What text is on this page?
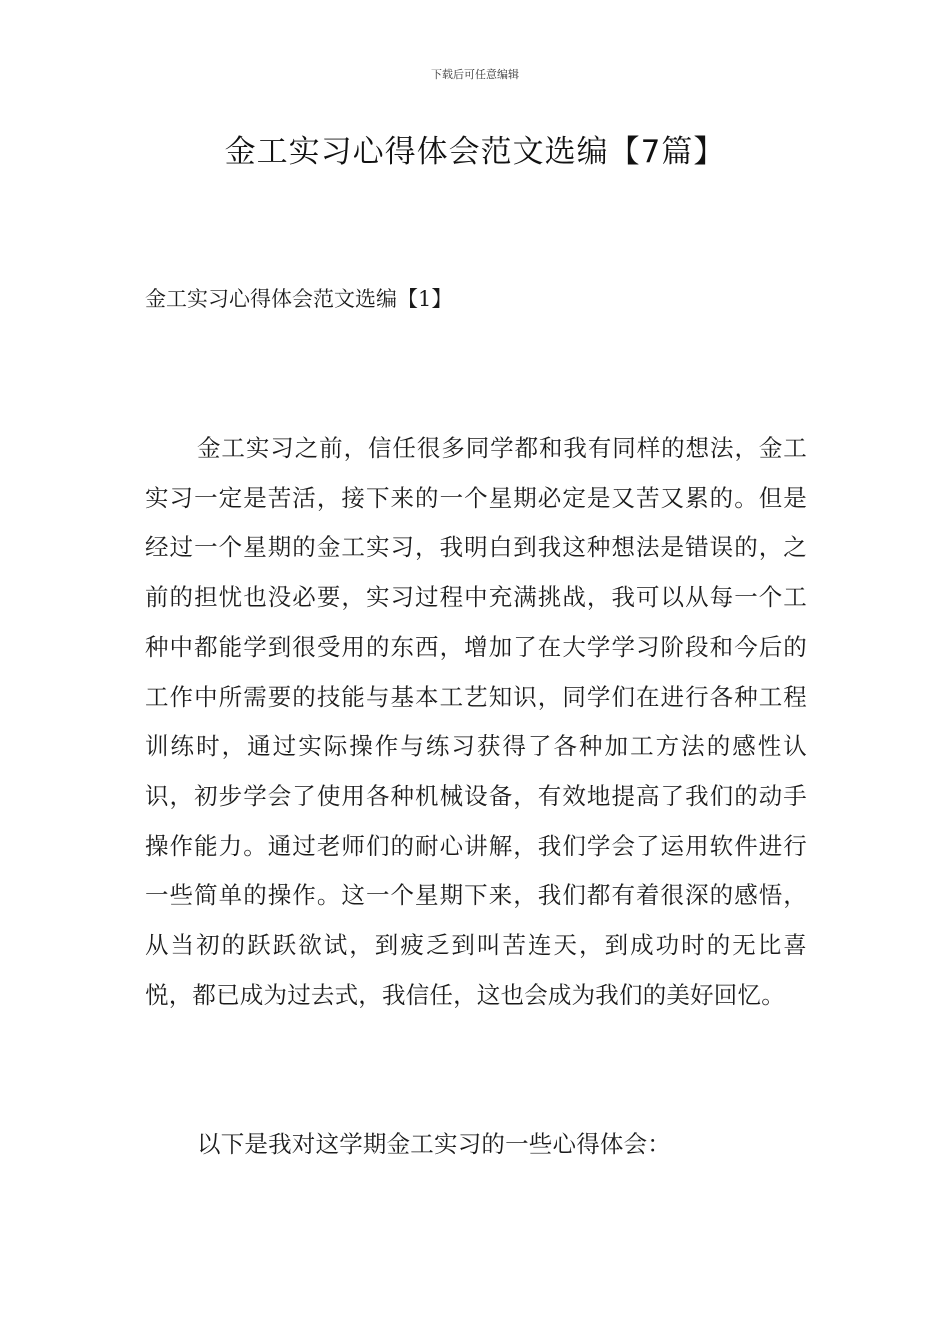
下载后可任意编辑
金工实习心得体会范文选编【7篇】
金工实习心得体会范文选编【1】

金工实习之前，信任很多同学都和我有同样的想法，金工实习一定是苦活，接下来的一个星期必定是又苦又累的。但是经过一个星期的金工实习，我明白到我这种想法是错误的，之前的担忧也没必要，实习过程中充满挑战，我可以从每一个工种中都能学到很受用的东西，增加了在大学学习阶段和今后的工作中所需要的技能与基本工艺知识，同学们在进行各种工程训练时，通过实际操作与练习获得了各种加工方法的感性认识，初步学会了使用各种机械设备，有效地提高了我们的动手操作能力。通过老师们的耐心讲解，我们学会了运用软件进行一些简单的操作。这一个星期下来，我们都有着很深的感悟，从当初的跃跃欲试，到疲乏到叫苦连天，到成功时的无比喜悦，都已成为过去式，我信任，这也会成为我们的美好回忆。

以下是我对这学期金工实习的一些心得体会：
